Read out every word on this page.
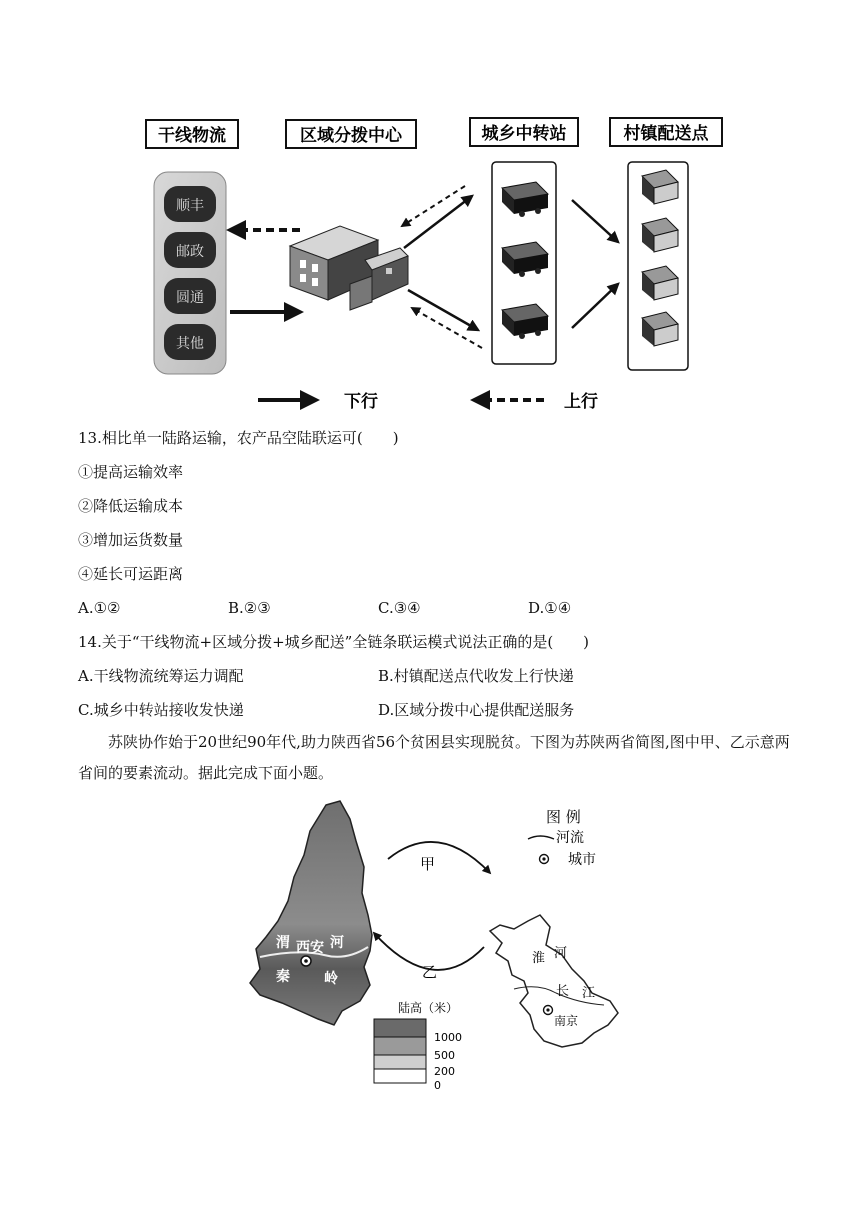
干线物流	区域分拨中心	城乡中转站	村镇配送点
顺丰
邮政
圆通
其他
下行	上行
13.相比单一陆路运输，农产品空陆联运可(　　)
①提高运输效率
②降低运输成本
③增加运货数量
④延长可运距离
A.①②	B.②③	C.③④	D.①④
14.关于“干线物流+区域分拨+城乡配送”全链条联运模式说法正确的是(　　)
A.干线物流统筹运力调配	B.村镇配送点代收发上行快递
C.城乡中转站接收发快递	D.区域分拨中心提供配送服务
苏陕协作始于20世纪90年代,助力陕西省56个贫困县实现脱贫。下图为苏陕两省简图,图中甲、乙示意两省间的要素流动。据此完成下面小题。
渭 西安 河
秦 岭
甲
乙
淮 河
长 江
南京
图 例
河流
城市
陆高（米）
1000
500
200
0
